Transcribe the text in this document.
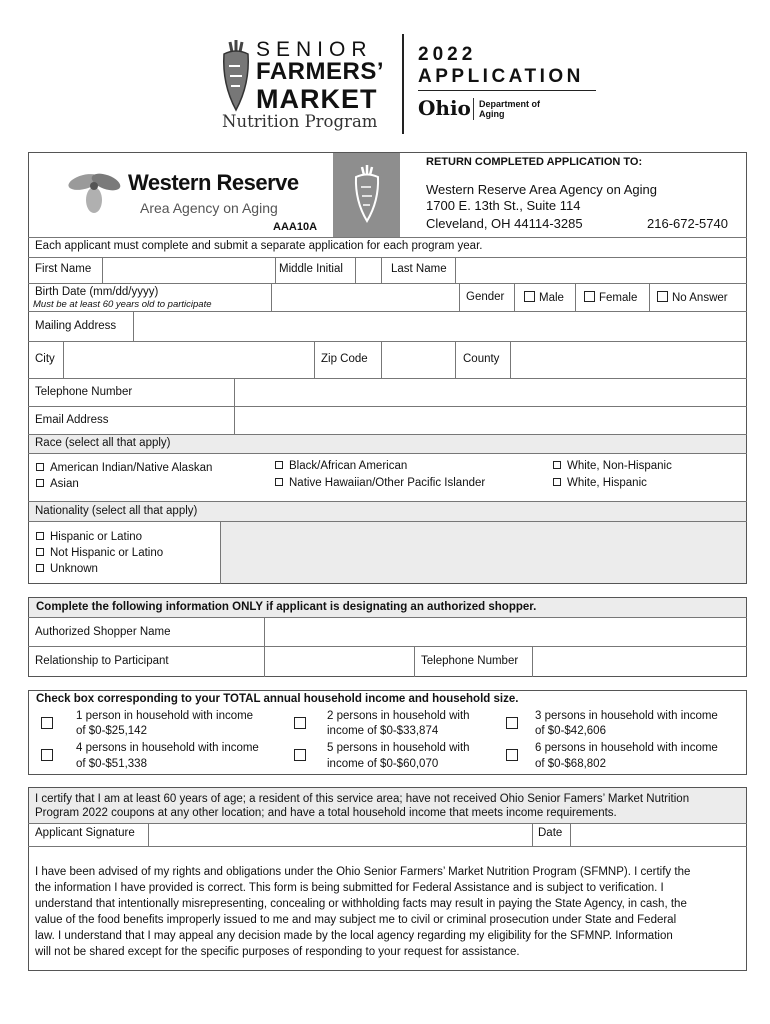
SENIOR
FARMERS’
MARKET
Nutrition Program
2022
APPLICATION
Ohio Department of
Aging
Western Reserve
Area Agency on Aging
AAA10A
RETURN COMPLETED APPLICATION TO:
Western Reserve Area Agency on Aging
1700 E. 13th St., Suite 114
Cleveland, OH 44114-3285	216-672-5740
Each applicant must complete and submit a separate application for each program year.
First Name	Middle Initial	Last Name
Birth Date (mm/dd/yyyy)
Must be at least 60 years old to participate
Gender	Male	Female	No Answer
Mailing Address
City	Zip Code	County
Telephone Number
Email Address
Race (select all that apply)
American Indian/Native Alaskan
Asian
Black/African American
Native Hawaiian/Other Pacific Islander
White, Non-Hispanic
White, Hispanic
Nationality (select all that apply)
Hispanic or Latino
Not Hispanic or Latino
Unknown
Complete the following information ONLY if applicant is designating an authorized shopper.
Authorized Shopper Name
Relationship to Participant	Telephone Number
Check box corresponding to your TOTAL annual household income and household size.
1 person in household with income
of $0-$25,142
2 persons in household with
income of $0-$33,874
3 persons in household with income
of $0-$42,606
4 persons in household with income
of $0-$51,338
5 persons in household with
income of $0-$60,070
6 persons in household with income
of $0-$68,802
I certify that I am at least 60 years of age; a resident of this service area; have not received Ohio Senior Famers’ Market Nutrition
Program 2022 coupons at any other location; and have a total household income that meets income requirements.
Applicant Signature	Date
I have been advised of my rights and obligations under the Ohio Senior Farmers’ Market Nutrition Program (SFMNP). I certify the
the information I have provided is correct. This form is being submitted for Federal Assistance and is subject to verification. I
understand that intentionally misrepresenting, concealing or withholding facts may result in paying the State Agency, in cash, the
value of the food benefits improperly issued to me and may subject me to civil or criminal prosecution under State and Federal
law. I understand that I may appeal any decision made by the local agency regarding my eligibility for the SFMNP. Information
will not be shared except for the specific purposes of responding to your request for assistance.
